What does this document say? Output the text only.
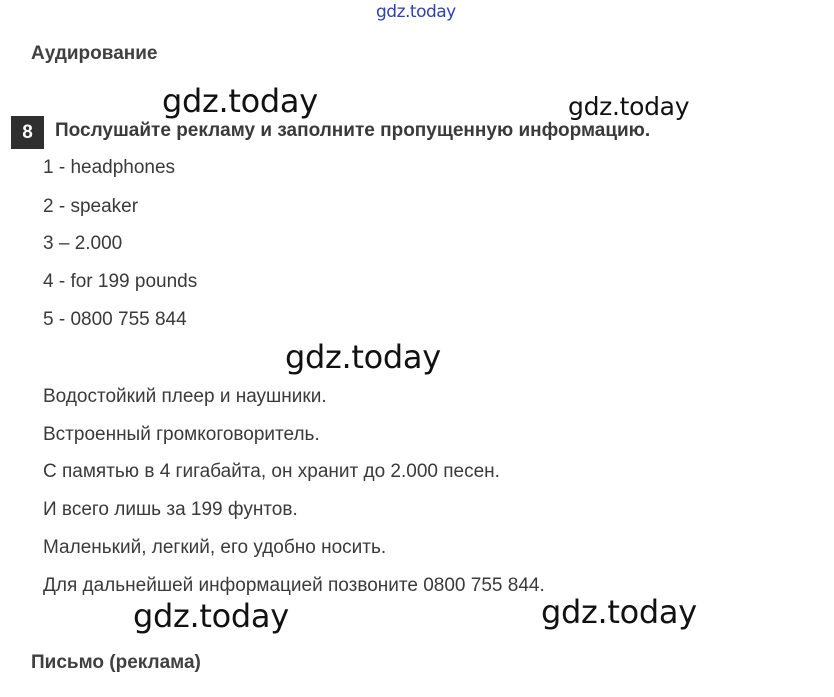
gdz.today
Аудирование
gdz.today	gdz.today
8	Послушайте рекламу и заполните пропущенную информацию.
1 - headphones
2 - speaker
3 – 2.000
4 - for 199 pounds
5 - 0800 755 844
gdz.today
Водостойкий плеер и наушники.
Встроенный громкоговоритель.
С памятью в 4 гигабайта, он хранит до 2.000 песен.
И всего лишь за 199 фунтов.
Маленький, легкий, его удобно носить.
Для дальнейшей информацией позвоните 0800 755 844.
gdz.today	gdz.today
Письмо (реклама)
